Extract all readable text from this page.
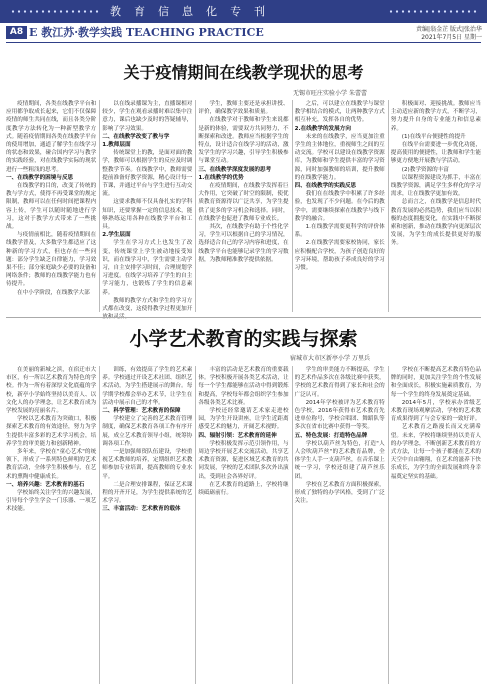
教育信息化专刊
A8 E 教江苏·教学实践 TEACHING PRACTICE	责编|翁金芷 版式|张治华
2021年7月5日 星期一
关于疫情期间在线教学现状的思考
无锡市旺庄实验小学 朱蕾蕾

疫情期间，各类在线教学平台和应用都争取成长起来，它们不仅保障疫情的师生共同在线，而且各类分阶度教学方法转化为一种新型教学方式。随着疫情期间各类在线教学平台的使用增加，通道了解学生在线学习的状态和效果，碰合国内学习与教学的实践经验，对在线教学实际的现状进行一些粗浅的思考。

一、在线教学的困境与反思

在线教学的目的，改变了传统的教与学方式，使得不再受课堂的规定限制，教师可以在任何时间把课程内容上传，学生可以随时随地进行学习，这对于教学方式带来了一些挑战。

与疫情前相比，随着疫情期间在线教学普及，大多数学生都适应了这种新的学习方式，但也存在一些问题：部分学生缺乏自律能力，学习效果不佳；部分家庭缺少必要的设备和网络条件；教师的在线教学能力也有待提升。

在中小学阶段，在线教学大部

以在线录播课为主，直播课相对较少，学生在观看录播时难以集中注意力，课后也缺少及时的答疑辅导，影响了学习效果。

二、在线教学改变了教与学

1.教师层面

传统课堂上的教，是面对面的教学，教师可以根据学生的反应及时调整教学节奏。在线教学中，教师需要提前准备好教学资源，精心设计每一节课，并通过平台与学生进行互动交流。

这要求教师不仅具备扎实的学科知识，还要掌握一定的信息技术，能够熟练运用各种在线教学平台和工具。

2.学生层面

学生在学习方式上也发生了改变，传统课堂上学生被动地接受知识，而在线学习中，学生需要主动学习，自主安排学习时间，合理规划学习进度。在线学习培养了学生的自主学习能力，也锻炼了学生的信息素养。

教师的教学方式和学生的学习方式都在改变，这使得教学过程更加开放和灵活。

学生，教师主要还是承担讲授、评价，确保教学效果和质量。

在线教学对于教师和学生来说都是新的体验，需要双方共同努力，不断探索和改进。教师应当根据学生的特点，设计适合在线学习的活动，激发学生的学习兴趣，引导学生积极参与课堂互动。

三、在线教学深度发展的思考

1.在线教学的优势

在疫情期间，在线教学发挥着巨大作用，它突破了时空的限制，使优质教育资源得以广泛共享，为学生提供了更多的学习机会和选择。同时，在线教学也促进了教师专业成长。

其次，在线教学有助于个性化学习，学生可以根据自己的学习情况，选择适合自己的学习内容和进度，在线教学平台也能够记录学生的学习数据，为教师精准教学提供依据。

之后，可以建立在线教学与课堂教学相结合的模式，让两种教学方式相互补充，发挥各自的优势。

2.在线教学的发展方向

未来的在线教学，应当更加注重学生的主体地位，重视师生之间的互动交流。学校可以建设在线教学资源库，为教师和学生提供丰富的学习资源，同时加强教师的培训，提升教师的在线教学能力。

四、在线教学的实践反思

我们在在线教学中积累了许多经验，也发现了不少问题。在今后的教学中，需要继续探索在线教学与线下教学的融合。

1.在线教学需要更科学的评价体系。

2.在线教学需要家校协同，家长应积极配合学校，为孩子创造良好的学习环境，帮助孩子养成良好的学习习惯。

积极面对、迎接挑战。教师应当主动适应新的教学方式，不断学习，努力提升自身的专业能力和信息素养。

(1)在线平台便捷性的提升

在线平台需要进一步优化功能，提高使用的便捷性，让教师和学生能够更方便地开展教与学活动。

(2)教学资源的丰富

以课程资源建设为抓手，丰富在线教学资源，满足学生多样化的学习需求，让在线教学更加有效。

总而言之，在线教学是信息时代教育发展的必然趋势，我们应当以积极的态度拥抱变化，在实践中不断探索和创新，推动在线教学向更深层次发展，为学生的成长提供更好的服务。

小学艺术教育的实践与探索
宿城市大市区新亭小学 万里兵

在美丽的新城之滨，在宿迁市大市区，有一所以艺术教育为特色的学校。作为一所有着深厚文化底蕴的学校，新亭小学始终坚持以美育人、以文化人的办学理念，让艺术教育成为学校发展的亮丽名片。

学校以艺术教育为突破口，积极探索艺术教育的有效途径，努力为学生提供丰富多彩的艺术学习机会，培养学生的审美能力和创新精神。

多年来，学校在"童心艺术"的统领下，形成了一系列特色鲜明的艺术教育活动，全体学生积极参与，在艺术的熏陶中健康成长。

一、培养兴趣：艺术教育的基石

学校始终关注学生的兴趣发展，引导每个学生学会一门乐器、一项艺术技能。

训练，有效提高了学生的艺术素养。学校通过开设艺术社团、组织艺术活动，为学生搭建展示的舞台。每学期学校都会举办艺术节，让学生在活动中展示自己的才华。

二、科学管理：艺术教育的保障

学校建立了完善的艺术教育管理制度，确保艺术教育各项工作有序开展，成立艺术教育领导小组，统筹协调各项工作。

一是加强师资队伍建设，学校重视艺术教师的培养，定期组织艺术教师参加专业培训，提高教师的专业水平。

二是合理安排课程，保证艺术课程的开齐开足，为学生提供系统的艺术学习。

三、丰富活动：艺术教育的载体

丰富的活动是艺术教育的重要载体。学校积极开展各类艺术活动，让每一个学生都能够在活动中得到锻炼和提高，学校每年都会组织学生参加各级各类艺术比赛。

学校还经常邀请艺术家走进校园，为学生开设讲座，让学生近距离感受艺术的魅力，开阔艺术视野。

四、辐射引领：艺术教育的延伸

学校积极发挥示范引领作用，与周边学校开展艺术交流活动，共享艺术教育资源，促进区域艺术教育的共同发展，学校的艺术团队多次外出演出，受到社会各界好评。

在艺术教育的道路上，学校将继续砥砺前行。

学生的审美能力不断提高，学生的艺术作品多次在各级比赛中获奖，学校的艺术教育得到了家长和社会的广泛认可。

2014年学校被评为艺术教育特色学校，2016年获得市艺术教育先进单位称号，学校合唱团、舞蹈队等多次在省市比赛中获得一等奖。

五、特色发展：打造特色品牌

学校以葫芦丝为特色，打造"人人会吹葫芦丝"的艺术教育品牌，全体学生人手一支葫芦丝，在音乐课上统一学习，学校还组建了葫芦丝乐团。

学校在艺术教育方面积极探索，形成了独特的办学风格，受到了广泛关注。

学校在不断提高艺术教育特色品牌的同时，更加关注学生的个性发展和全面成长，积极实施素质教育，为每一个学生的终身发展奠定基础。

2014年5月，学校承办省级艺术教育现场观摩活动，学校的艺术教育成果得到了与会专家的一致好评。

艺术教育之路漫长而又充满希望。未来，学校将继续坚持以美育人的办学理念，不断创新艺术教育的方式方法，让每一个孩子都能在艺术的天空中自由翱翔，在艺术的滋养下快乐成长，为学生的全面发展和终身幸福奠定坚实的基础。
